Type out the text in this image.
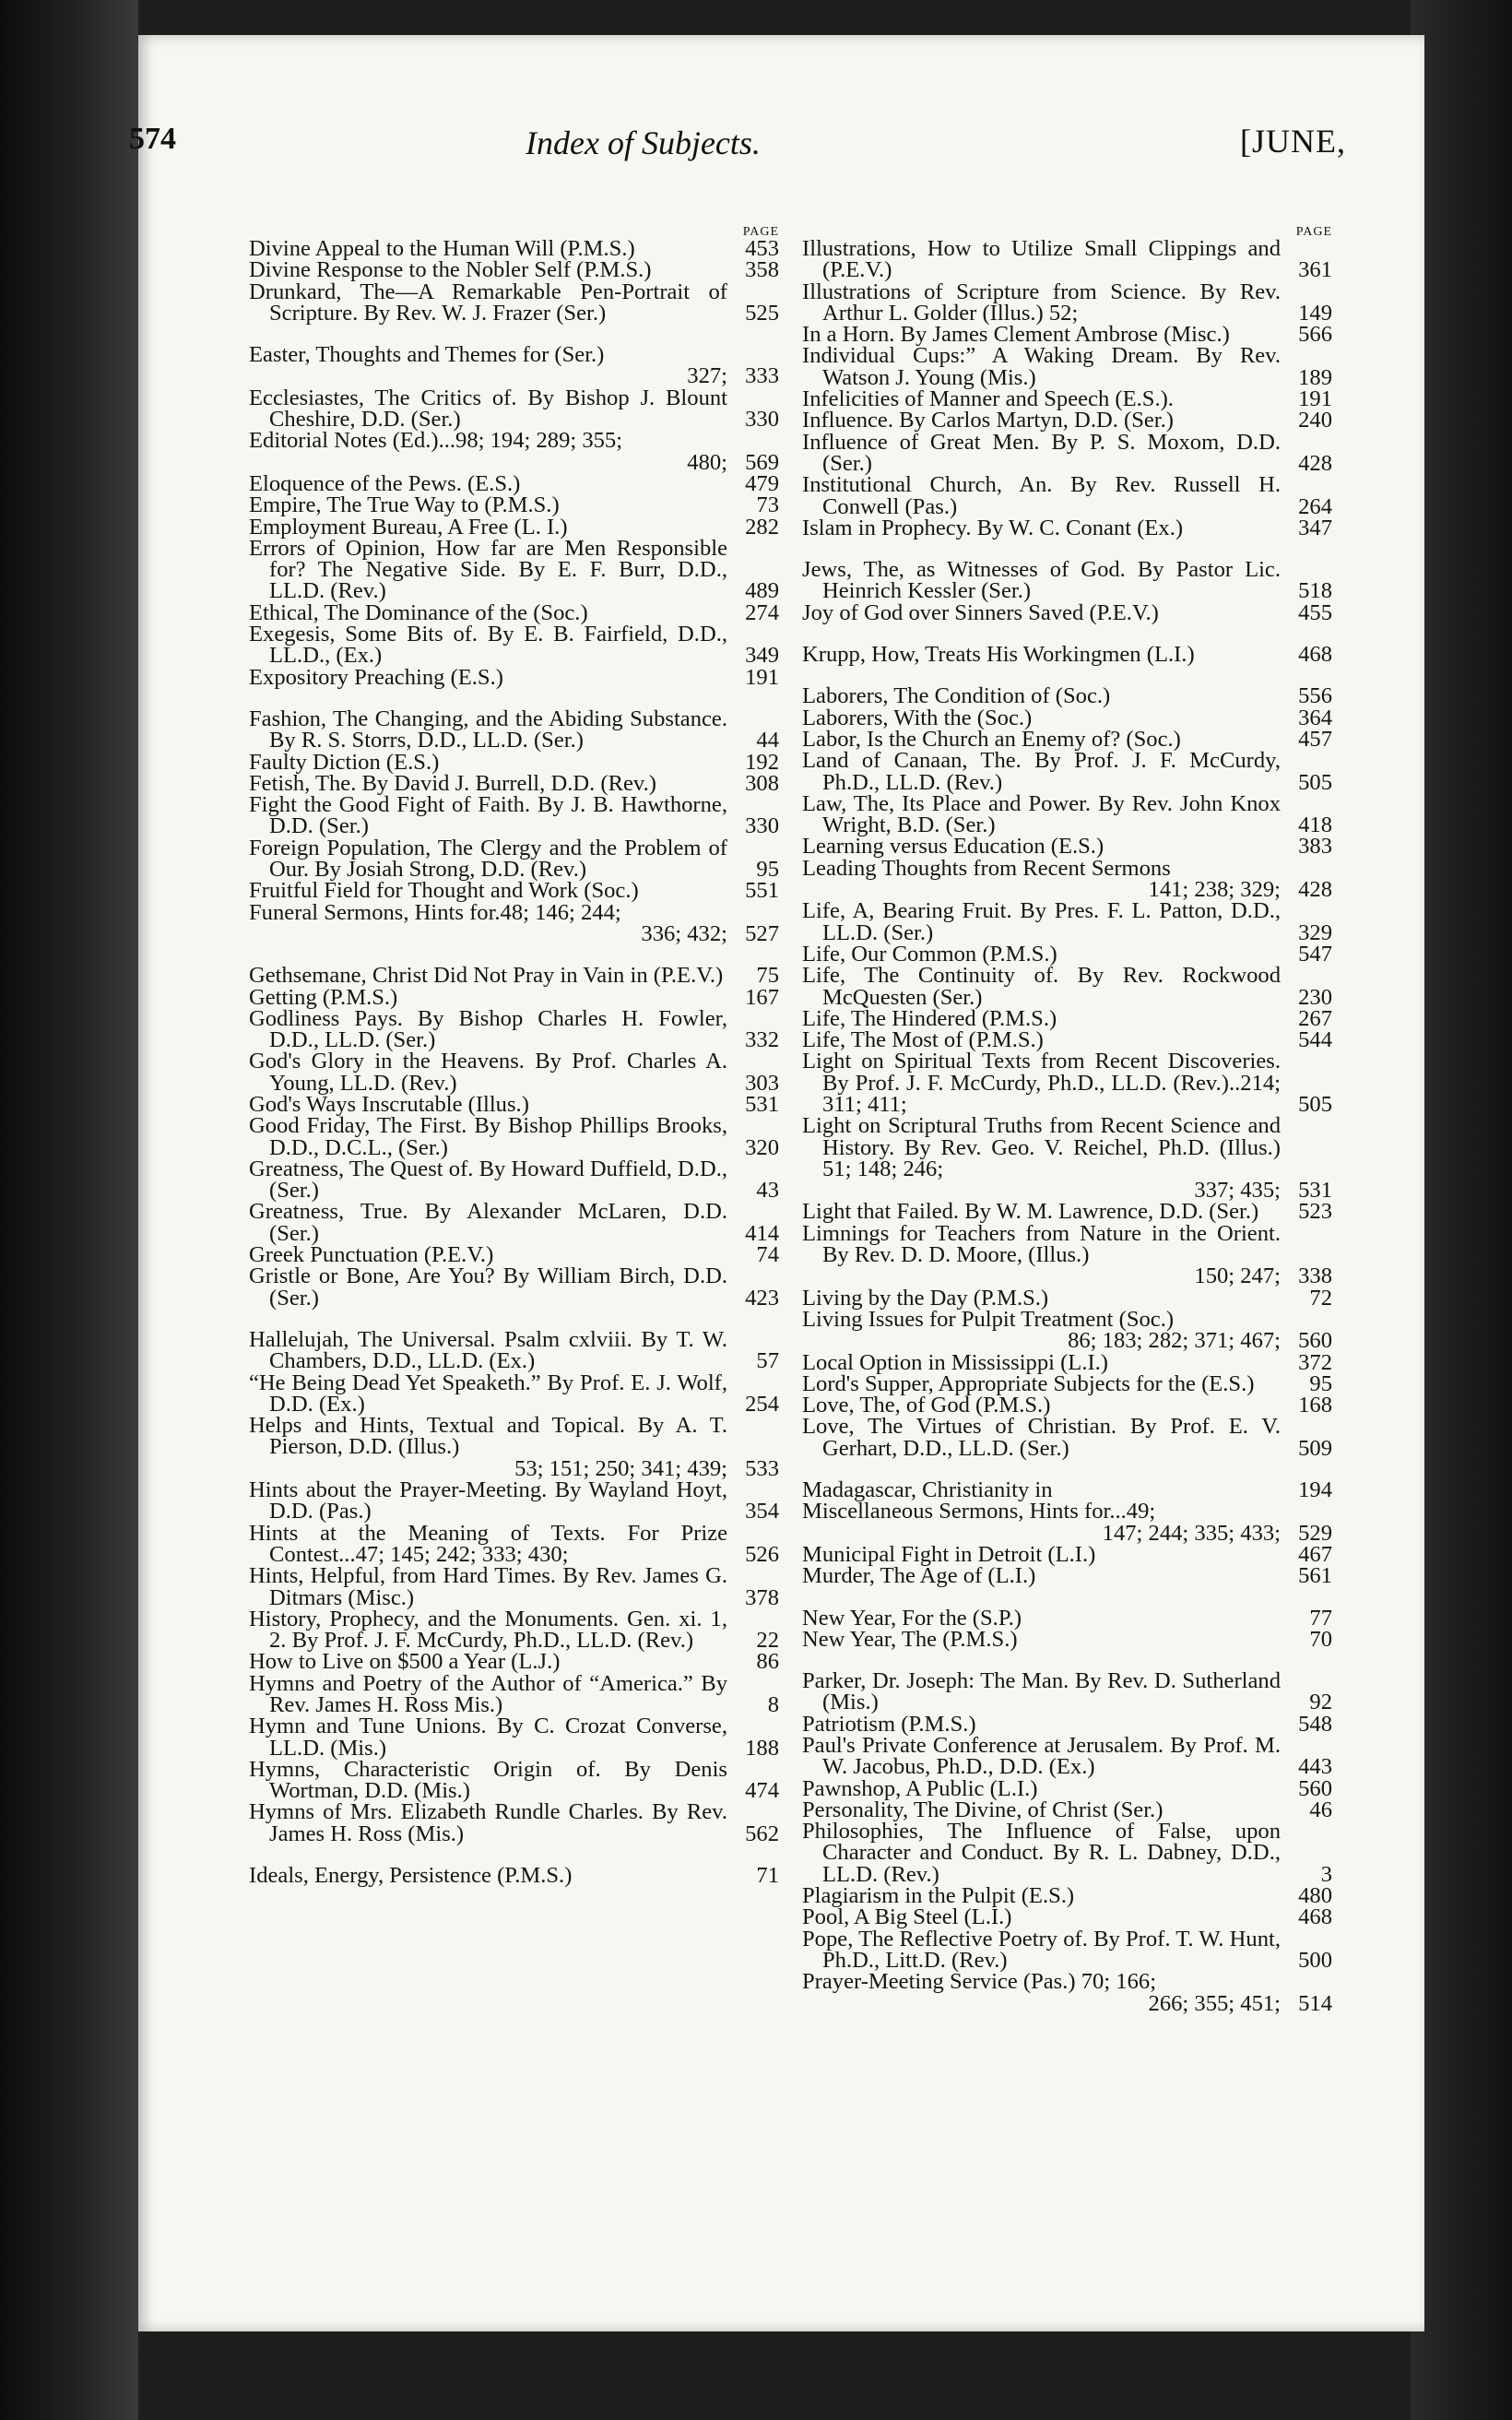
574	Index of Subjects.	[JUNE,
PAGE
Divine Appeal to the Human Will (P.M.S.)	453
Divine Response to the Nobler Self (P.M.S.)	358
Drunkard, The—A Remarkable Pen-Portrait of Scripture. By Rev. W. J. Frazer (Ser.)	525
Easter, Thoughts and Themes for (Ser.)
327; 333
Ecclesiastes, The Critics of. By Bishop J. Blount Cheshire, D.D. (Ser.)	330
Editorial Notes (Ed.)...98; 194; 289; 355;
480; 569
Eloquence of the Pews. (E.S.)	479
Empire, The True Way to (P.M.S.)	73
Employment Bureau, A Free (L. I.)	282
Errors of Opinion, How far are Men Responsible for? The Negative Side. By E. F. Burr, D.D., LL.D. (Rev.)	489
Ethical, The Dominance of the (Soc.)	274
Exegesis, Some Bits of. By E. B. Fairfield, D.D., LL.D., (Ex.)	349
Expository Preaching (E.S.)	191
Fashion, The Changing, and the Abiding Substance. By R. S. Storrs, D.D., LL.D. (Ser.)	44
Faulty Diction (E.S.)	192
Fetish, The. By David J. Burrell, D.D. (Rev.)	308
Fight the Good Fight of Faith. By J. B. Hawthorne, D.D. (Ser.)	330
Foreign Population, The Clergy and the Problem of Our. By Josiah Strong, D.D. (Rev.)	95
Fruitful Field for Thought and Work (Soc.)	551
Funeral Sermons, Hints for.48; 146; 244;
336; 432; 527
Gethsemane, Christ Did Not Pray in Vain in (P.E.V.)	75
Getting (P.M.S.)	167
Godliness Pays. By Bishop Charles H. Fowler, D.D., LL.D. (Ser.)	332
God's Glory in the Heavens. By Prof. Charles A. Young, LL.D. (Rev.)	303
God's Ways Inscrutable (Illus.)	531
Good Friday, The First. By Bishop Phillips Brooks, D.D., D.C.L., (Ser.)	320
Greatness, The Quest of. By Howard Duffield, D.D., (Ser.)	43
Greatness, True. By Alexander McLaren, D.D. (Ser.)	414
Greek Punctuation (P.E.V.)	74
Gristle or Bone, Are You? By William Birch, D.D. (Ser.)	423
Hallelujah, The Universal. Psalm cxlviii. By T. W. Chambers, D.D., LL.D. (Ex.)	57
“He Being Dead Yet Speaketh.” By Prof. E. J. Wolf, D.D. (Ex.)	254
Helps and Hints, Textual and Topical. By A. T. Pierson, D.D. (Illus.)
53; 151; 250; 341; 439; 533
Hints about the Prayer-Meeting. By Wayland Hoyt, D.D. (Pas.)	354
Hints at the Meaning of Texts. For Prize Contest...47; 145; 242; 333; 430;	526
Hints, Helpful, from Hard Times. By Rev. James G. Ditmars (Misc.)	378
History, Prophecy, and the Monuments. Gen. xi. 1, 2. By Prof. J. F. McCurdy, Ph.D., LL.D. (Rev.)	22
How to Live on $500 a Year (L.J.)	86
Hymns and Poetry of the Author of “America.” By Rev. James H. Ross Mis.)	8
Hymn and Tune Unions. By C. Crozat Converse, LL.D. (Mis.)	188
Hymns, Characteristic Origin of. By Denis Wortman, D.D. (Mis.)	474
Hymns of Mrs. Elizabeth Rundle Charles. By Rev. James H. Ross (Mis.)	562
Ideals, Energy, Persistence (P.M.S.)	71
PAGE
Illustrations, How to Utilize Small Clippings and (P.E.V.)	361
Illustrations of Scripture from Science. By Rev. Arthur L. Golder (Illus.) 52;	149
In a Horn. By James Clement Ambrose (Misc.)	566
Individual Cups:” A Waking Dream. By Rev. Watson J. Young (Mis.)	189
Infelicities of Manner and Speech (E.S.).	191
Influence. By Carlos Martyn, D.D. (Ser.)	240
Influence of Great Men. By P. S. Moxom, D.D. (Ser.)	428
Institutional Church, An. By Rev. Russell H. Conwell (Pas.)	264
Islam in Prophecy. By W. C. Conant (Ex.)	347
Jews, The, as Witnesses of God. By Pastor Lic. Heinrich Kessler (Ser.)	518
Joy of God over Sinners Saved (P.E.V.)	455
Krupp, How, Treats His Workingmen (L.I.)	468
Laborers, The Condition of (Soc.)	556
Laborers, With the (Soc.)	364
Labor, Is the Church an Enemy of? (Soc.)	457
Land of Canaan, The. By Prof. J. F. McCurdy, Ph.D., LL.D. (Rev.)	505
Law, The, Its Place and Power. By Rev. John Knox Wright, B.D. (Ser.)	418
Learning versus Education (E.S.)	383
Leading Thoughts from Recent Sermons
141; 238; 329; 428
Life, A, Bearing Fruit. By Pres. F. L. Patton, D.D., LL.D. (Ser.)	329
Life, Our Common (P.M.S.)	547
Life, The Continuity of. By Rev. Rockwood McQuesten (Ser.)	230
Life, The Hindered (P.M.S.)	267
Life, The Most of (P.M.S.)	544
Light on Spiritual Texts from Recent Discoveries. By Prof. J. F. McCurdy, Ph.D., LL.D. (Rev.)..214; 311; 411;	505
Light on Scriptural Truths from Recent Science and History. By Rev. Geo. V. Reichel, Ph.D. (Illus.) 51; 148; 246;
337; 435; 531
Light that Failed. By W. M. Lawrence, D.D. (Ser.)	523
Limnings for Teachers from Nature in the Orient. By Rev. D. D. Moore, (Illus.)
150; 247; 338
Living by the Day (P.M.S.)	72
Living Issues for Pulpit Treatment (Soc.)
86; 183; 282; 371; 467; 560
Local Option in Mississippi (L.I.)	372
Lord's Supper, Appropriate Subjects for the (E.S.)	95
Love, The, of God (P.M.S.)	168
Love, The Virtues of Christian. By Prof. E. V. Gerhart, D.D., LL.D. (Ser.)	509
Madagascar, Christianity in	194
Miscellaneous Sermons, Hints for...49;
147; 244; 335; 433; 529
Municipal Fight in Detroit (L.I.)	467
Murder, The Age of (L.I.)	561
New Year, For the (S.P.)	77
New Year, The (P.M.S.)	70
Parker, Dr. Joseph: The Man. By Rev. D. Sutherland (Mis.)	92
Patriotism (P.M.S.)	548
Paul's Private Conference at Jerusalem. By Prof. M. W. Jacobus, Ph.D., D.D. (Ex.)	443
Pawnshop, A Public (L.I.)	560
Personality, The Divine, of Christ (Ser.)	46
Philosophies, The Influence of False, upon Character and Conduct. By R. L. Dabney, D.D., LL.D. (Rev.)	3
Plagiarism in the Pulpit (E.S.)	480
Pool, A Big Steel (L.I.)	468
Pope, The Reflective Poetry of. By Prof. T. W. Hunt, Ph.D., Litt.D. (Rev.)	500
Prayer-Meeting Service (Pas.) 70; 166;
266; 355; 451; 514
